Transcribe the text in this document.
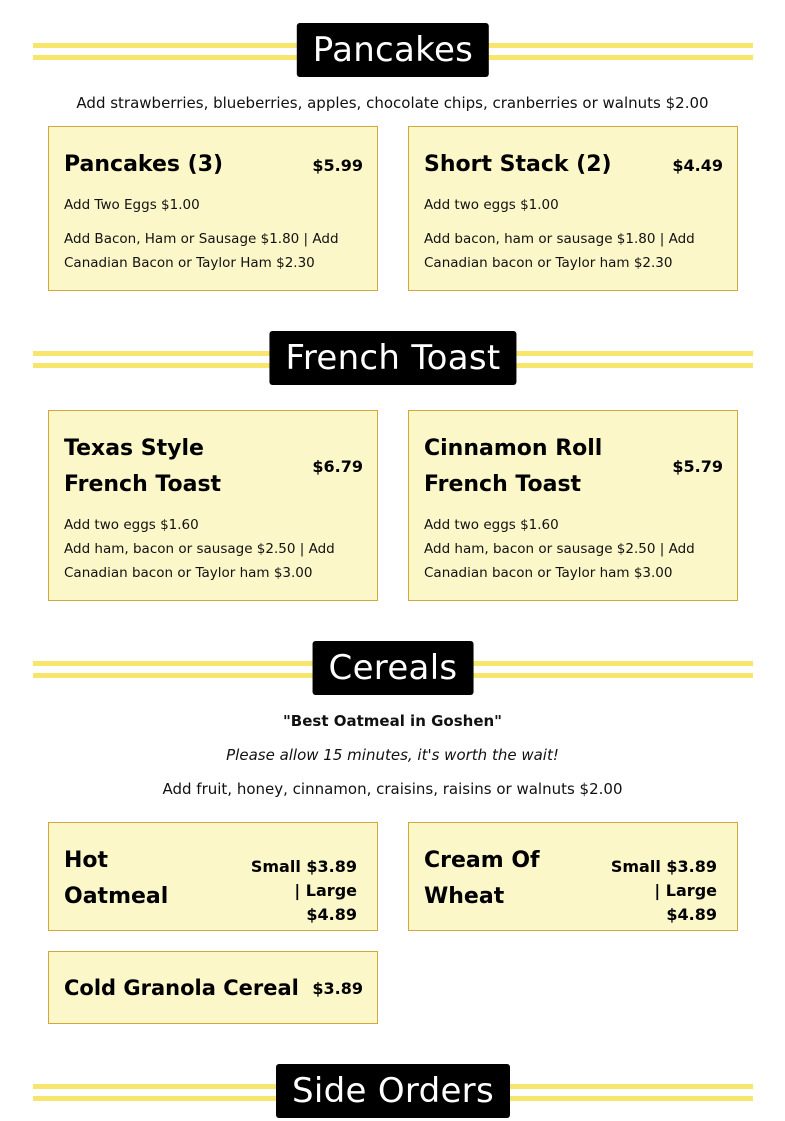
Pancakes
Add strawberries, blueberries, apples, chocolate chips, cranberries or walnuts $2.00
Pancakes (3)	$5.99
Add Two Eggs $1.00
Add Bacon, Ham or Sausage $1.80 | Add Canadian Bacon or Taylor Ham $2.30
Short Stack (2)	$4.49
Add two eggs $1.00
Add bacon, ham or sausage $1.80 | Add Canadian bacon or Taylor ham $2.30
French Toast
Texas Style French Toast
$6.79
Add two eggs $1.60
Add ham, bacon or sausage $2.50 | Add Canadian bacon or Taylor ham $3.00
Cinnamon Roll French Toast
$5.79
Add two eggs $1.60
Add ham, bacon or sausage $2.50 | Add Canadian bacon or Taylor ham $3.00
Cereals
"Best Oatmeal in Goshen"
Please allow 15 minutes, it's worth the wait!
Add fruit, honey, cinnamon, craisins, raisins or walnuts $2.00
Hot Oatmeal
Small $3.89 | Large $4.89
Cream Of Wheat
Small $3.89 | Large $4.89
Cold Granola Cereal $3.89
Side Orders
